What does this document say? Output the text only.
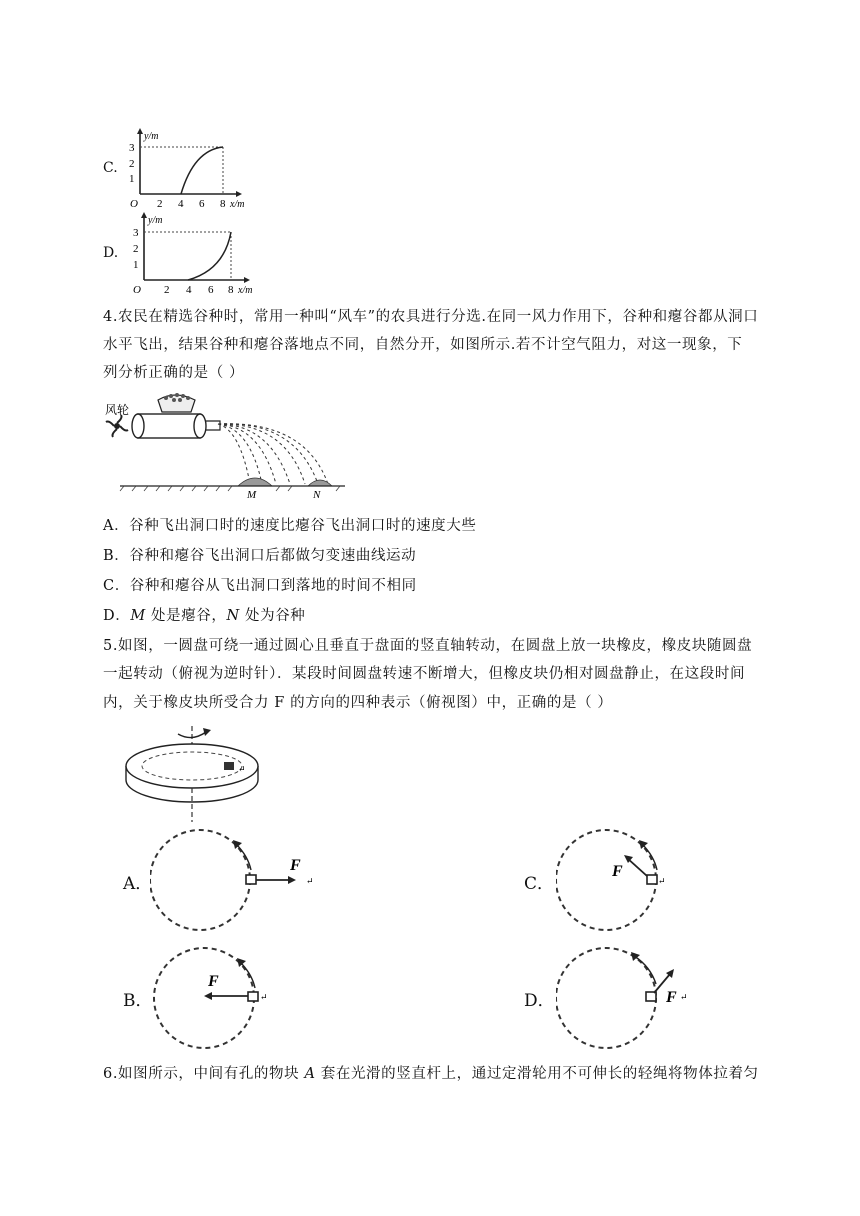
C.
y/m
3
2
1
O 2 4 6 8 x/m
D.
y/m
3
2
1
O 2 4 6 8 x/m
4.农民在精选谷种时，常用一种叫“风车”的农具进行分选.在同一风力作用下，谷种和瘪谷都从洞口
水平飞出，结果谷种和瘪谷落地点不同，自然分开，如图所示.若不计空气阻力，对这一现象，下
列分析正确的是（ ）
风轮
M	N
A．谷种飞出洞口时的速度比瘪谷飞出洞口时的速度大些
B．谷种和瘪谷飞出洞口后都做匀变速曲线运动
C．谷种和瘪谷从飞出洞口到落地的时间不相同
D．M 处是瘪谷，N 处为谷种
5.如图，一圆盘可绕一通过圆心且垂直于盘面的竖直轴转动，在圆盘上放一块橡皮，橡皮块随圆盘
一起转动（俯视为逆时针）．某段时间圆盘转速不断增大，但橡皮块仍相对圆盘静止，在这段时间
内，关于橡皮块所受合力 F 的方向的四种表示（俯视图）中，正确的是（ ）
↵
A．
F
↵	C．
F
↵
B．
F
↵	D．	F ↵
6.如图所示，中间有孔的物块 A 套在光滑的竖直杆上，通过定滑轮用不可伸长的轻绳将物体拉着匀
